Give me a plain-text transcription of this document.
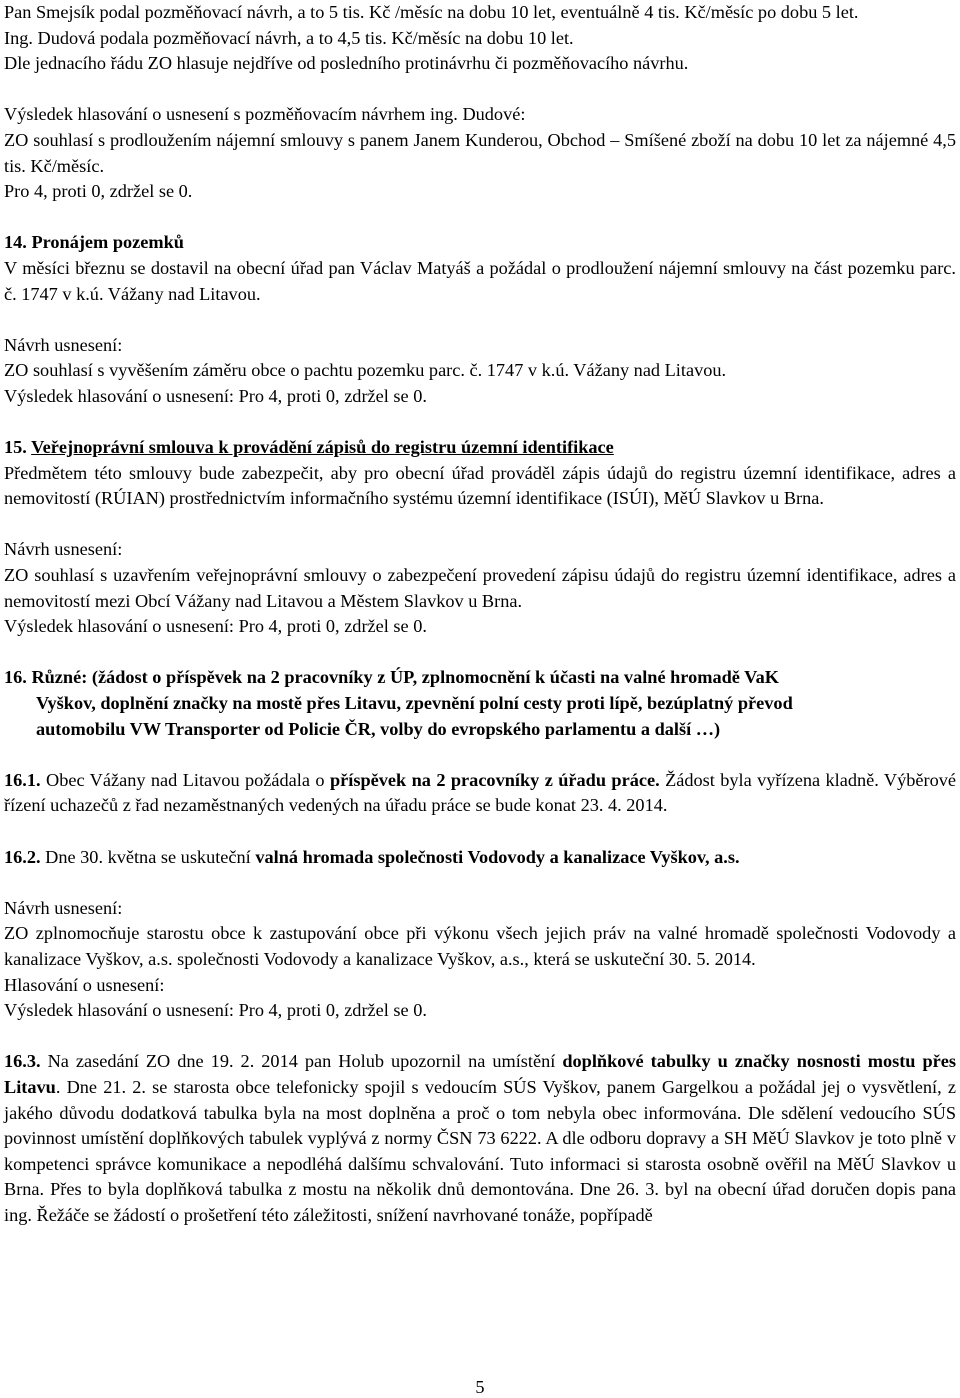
Pan Smejsík podal pozměňovací návrh, a to 5 tis. Kč /měsíc na dobu 10 let, eventuálně 4 tis. Kč/měsíc po dobu 5 let.

Ing. Dudová podala pozměňovací návrh, a to 4,5 tis. Kč/měsíc na dobu 10 let.

Dle jednacího řádu ZO hlasuje nejdříve od posledního protinávrhu či pozměňovacího návrhu.

Výsledek hlasování o usnesení s pozměňovacím návrhem ing. Dudové:

ZO souhlasí s prodloužením nájemní smlouvy s panem Janem Kunderou, Obchod – Smíšené zboží na dobu 10 let za nájemné 4,5 tis. Kč/měsíc.

Pro 4, proti 0, zdržel se 0.

14. Pronájem pozemků

V měsíci březnu se dostavil na obecní úřad pan Václav Matyáš a požádal o prodloužení nájemní smlouvy na část pozemku parc. č. 1747 v k.ú. Vážany nad Litavou.

Návrh usnesení:

ZO souhlasí s vyvěšením záměru obce o pachtu pozemku parc. č. 1747 v k.ú. Vážany nad Litavou.

Výsledek hlasování o usnesení: Pro 4, proti 0, zdržel se 0.

15. Veřejnoprávní smlouva k provádění zápisů do registru územní identifikace

Předmětem této smlouvy bude zabezpečit, aby pro obecní úřad prováděl zápis údajů do registru územní identifikace, adres a nemovitostí (RÚIAN) prostřednictvím informačního systému územní identifikace (ISÚI), MěÚ Slavkov u Brna.

Návrh usnesení:

ZO souhlasí s uzavřením veřejnoprávní smlouvy o zabezpečení provedení zápisu údajů do registru územní identifikace, adres a nemovitostí mezi Obcí Vážany nad Litavou a Městem Slavkov u Brna.

Výsledek hlasování o usnesení: Pro 4, proti 0, zdržel se 0.

16. Různé: (žádost o příspěvek na 2 pracovníky z ÚP, zplnomocnění k účasti na valné hromadě VaK
Vyškov, doplnění značky na mostě přes Litavu, zpevnění polní cesty proti lípě, bezúplatný převod
automobilu VW Transporter od Policie ČR, volby do evropského parlamentu a další …)

16.1. Obec Vážany nad Litavou požádala o příspěvek na 2 pracovníky z úřadu práce. Žádost byla vyřízena kladně. Výběrové řízení uchazečů z řad nezaměstnaných vedených na úřadu práce se bude konat 23. 4. 2014.

16.2. Dne 30. května se uskuteční valná hromada společnosti Vodovody a kanalizace Vyškov, a.s.

Návrh usnesení:

ZO zplnomocňuje starostu obce k zastupování obce při výkonu všech jejich práv na valné hromadě společnosti Vodovody a kanalizace Vyškov, a.s. společnosti Vodovody a kanalizace Vyškov, a.s., která se uskuteční 30. 5. 2014.

Hlasování o usnesení:

Výsledek hlasování o usnesení: Pro 4, proti 0, zdržel se 0.

16.3. Na zasedání ZO dne 19. 2. 2014 pan Holub upozornil na umístění doplňkové tabulky u značky nosnosti mostu přes Litavu. Dne 21. 2. se starosta obce telefonicky spojil s vedoucím SÚS Vyškov, panem Gargelkou a požádal jej o vysvětlení, z jakého důvodu dodatková tabulka byla na most doplněna a proč o tom nebyla obec informována. Dle sdělení vedoucího SÚS povinnost umístění doplňkových tabulek vyplývá z normy ČSN 73 6222. A dle odboru dopravy a SH MěÚ Slavkov je toto plně v kompetenci správce komunikace a nepodléhá dalšímu schvalování. Tuto informaci si starosta osobně ověřil na MěÚ Slavkov u Brna. Přes to byla doplňková tabulka z mostu na několik dnů demontována. Dne 26. 3. byl na obecní úřad doručen dopis pana ing. Řežáče se žádostí o prošetření této záležitosti, snížení navrhované tonáže, popřípadě

5
